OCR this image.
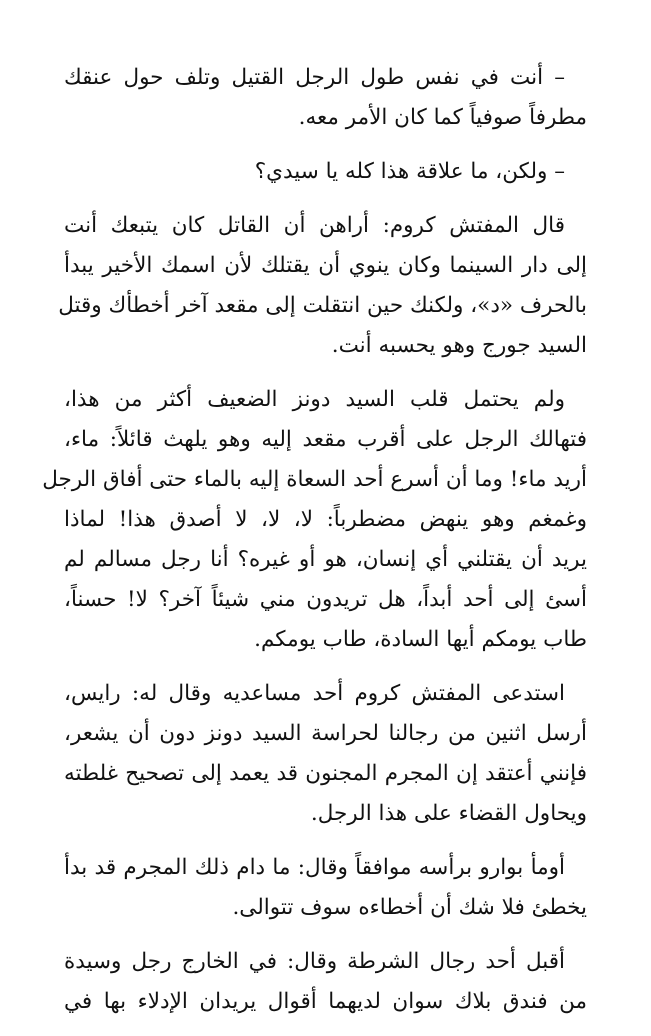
– أنت في نفس طول الرجل القتيل وتلف حول عنقك
مطرفاً صوفياً كما كان الأمر معه.

– ولكن، ما علاقة هذا كله يا سيدي؟

قال المفتش كروم: أراهن أن القاتل كان يتبعك أنت
إلى دار السينما وكان ينوي أن يقتلك لأن اسمك الأخير يبدأ
بالحرف «د»، ولكنك حين انتقلت إلى مقعد آخر أخطأك وقتل
السيد جورج وهو يحسبه أنت.

ولم يحتمل قلب السيد دونز الضعيف أكثر من هذا،
فتهالك الرجل على أقرب مقعد إليه وهو يلهث قائلاً: ماء،
أريد ماء! وما أن أسرع أحد السعاة إليه بالماء حتى أفاق الرجل
وغمغم وهو ينهض مضطرباً: لا، لا، لا أصدق هذا! لماذا
يريد أن يقتلني أي إنسان، هو أو غيره؟ أنا رجل مسالم لم
أسئ إلى أحد أبداً، هل تريدون مني شيئاً آخر؟ لا! حسناً،
طاب يومكم أيها السادة، طاب يومكم.

استدعى المفتش كروم أحد مساعديه وقال له: رايس،
أرسل اثنين من رجالنا لحراسة السيد دونز دون أن يشعر،
فإنني أعتقد إن المجرم المجنون قد يعمد إلى تصحيح غلطته
ويحاول القضاء على هذا الرجل.

أومأ بوارو برأسه موافقاً وقال: ما دام ذلك المجرم قد بدأ
يخطئ فلا شك أن أخطاءه سوف تتوالى.

أقبل أحد رجال الشرطة وقال: في الخارج رجل وسيدة
من فندق بلاك سوان لديهما أقوال يريدان الإدلاء بها في
